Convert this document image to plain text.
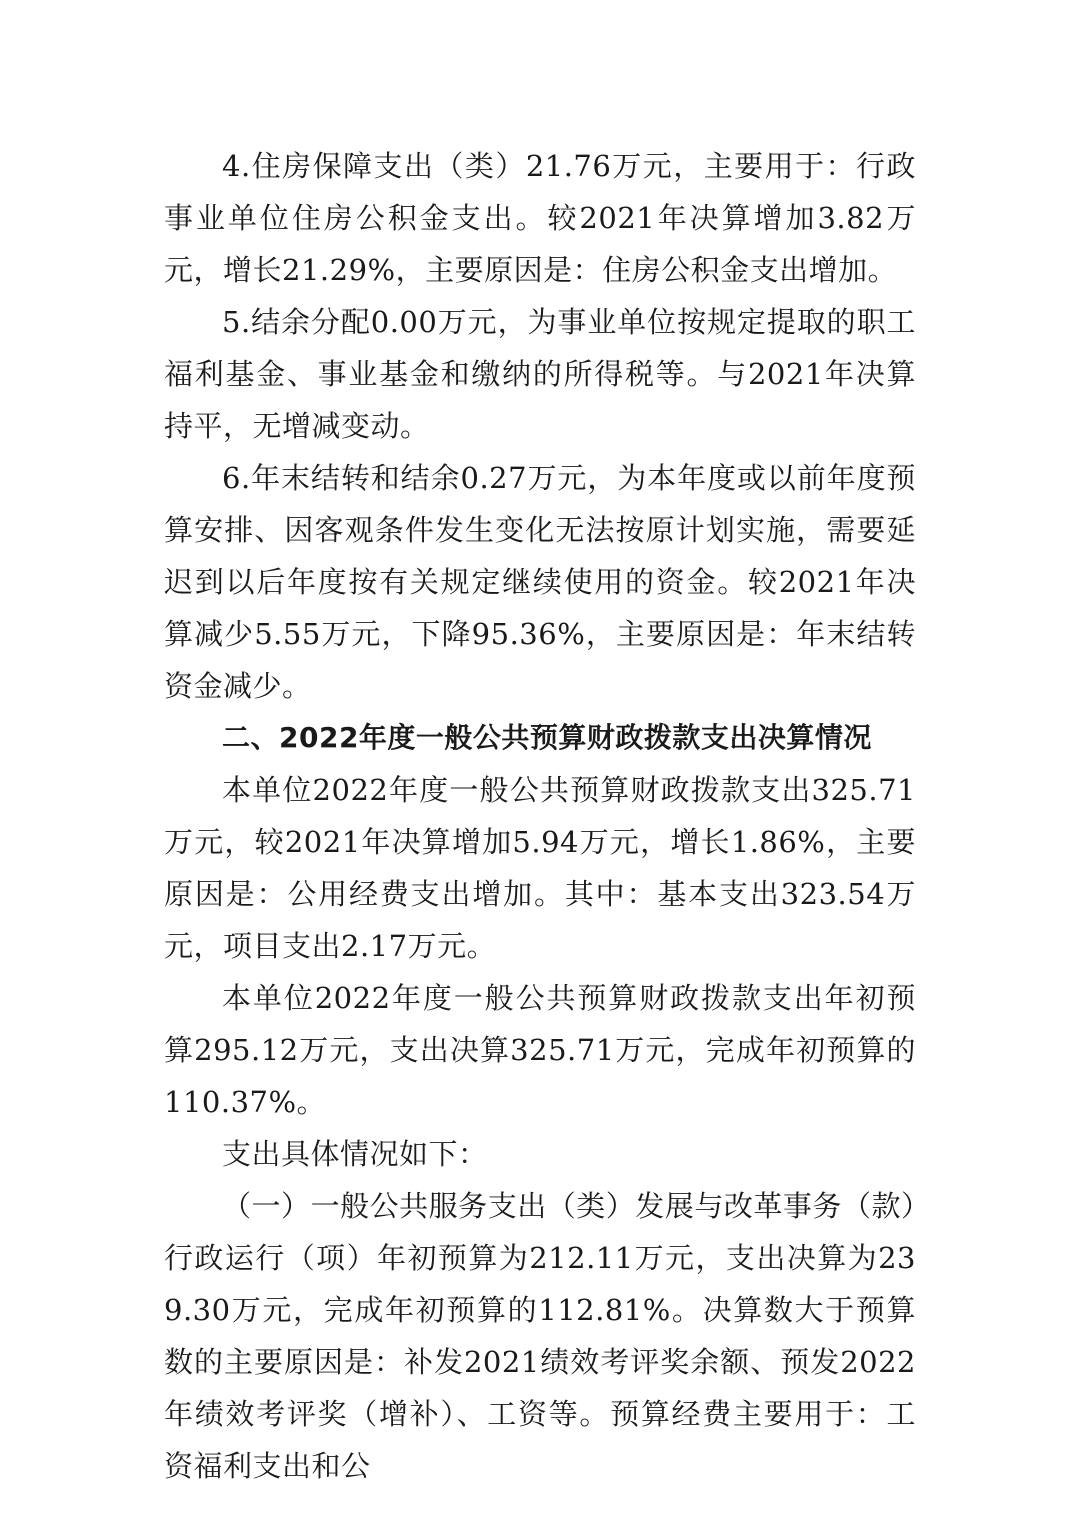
4.住房保障支出（类）21.76万元，主要用于：行政事业单位住房公积金支出。较2021年决算增加3.82万元，增长21.29%，主要原因是：住房公积金支出增加。

5.结余分配0.00万元，为事业单位按规定提取的职工福利基金、事业基金和缴纳的所得税等。与2021年决算持平，无增减变动。

6.年末结转和结余0.27万元，为本年度或以前年度预算安排、因客观条件发生变化无法按原计划实施，需要延迟到以后年度按有关规定继续使用的资金。较2021年决算减少5.55万元，下降95.36%，主要原因是：年末结转资金减少。

二、2022年度一般公共预算财政拨款支出决算情况

本单位2022年度一般公共预算财政拨款支出325.71万元，较2021年决算增加5.94万元，增长1.86%，主要原因是：公用经费支出增加。其中：基本支出323.54万元，项目支出2.17万元。

本单位2022年度一般公共预算财政拨款支出年初预算295.12万元，支出决算325.71万元，完成年初预算的110.37%。

支出具体情况如下：

（一）一般公共服务支出（类）发展与改革事务（款）行政运行（项）年初预算为212.11万元，支出决算为239.30万元，完成年初预算的112.81%。决算数大于预算数的主要原因是：补发2021绩效考评奖余额、预发2022年绩效考评奖（增补）、工资等。预算经费主要用于：工资福利支出和公
